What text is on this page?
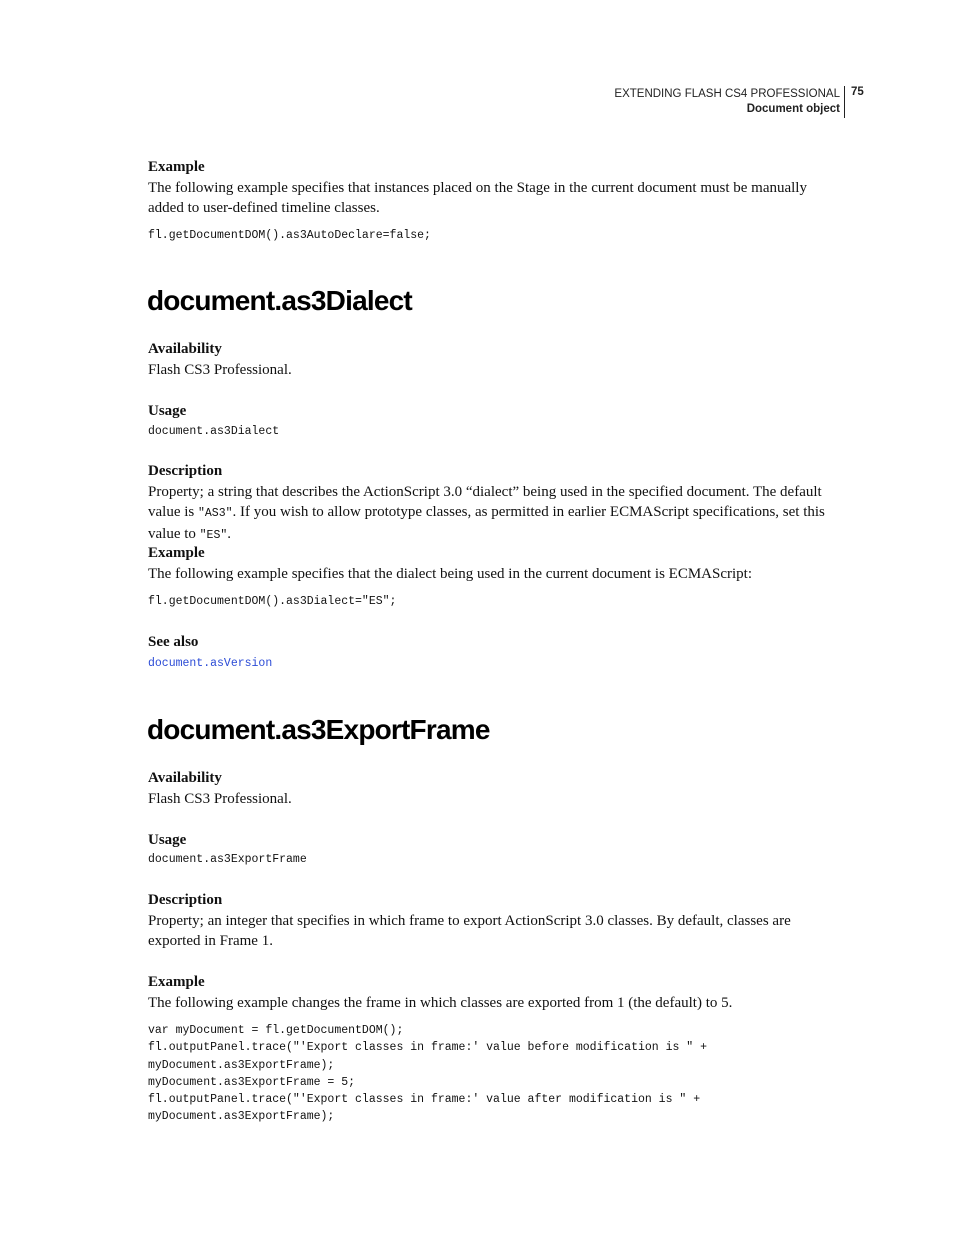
EXTENDING FLASH CS4 PROFESSIONAL
Document object
75
Example
The following example specifies that instances placed on the Stage in the current document must be manually added to user-defined timeline classes.
fl.getDocumentDOM().as3AutoDeclare=false;
document.as3Dialect
Availability
Flash CS3 Professional.
Usage
document.as3Dialect
Description
Property; a string that describes the ActionScript 3.0 “dialect” being used in the specified document. The default value is "AS3". If you wish to allow prototype classes, as permitted in earlier ECMAScript specifications, set this value to "ES".
Example
The following example specifies that the dialect being used in the current document is ECMAScript:
fl.getDocumentDOM().as3Dialect="ES";
See also
document.asVersion
document.as3ExportFrame
Availability
Flash CS3 Professional.
Usage
document.as3ExportFrame
Description
Property; an integer that specifies in which frame to export ActionScript 3.0 classes. By default, classes are exported in Frame 1.
Example
The following example changes the frame in which classes are exported from 1 (the default) to 5.
var myDocument = fl.getDocumentDOM();
fl.outputPanel.trace("'Export classes in frame:' value before modification is " +
myDocument.as3ExportFrame);
myDocument.as3ExportFrame = 5;
fl.outputPanel.trace("'Export classes in frame:' value after modification is " +
myDocument.as3ExportFrame);
